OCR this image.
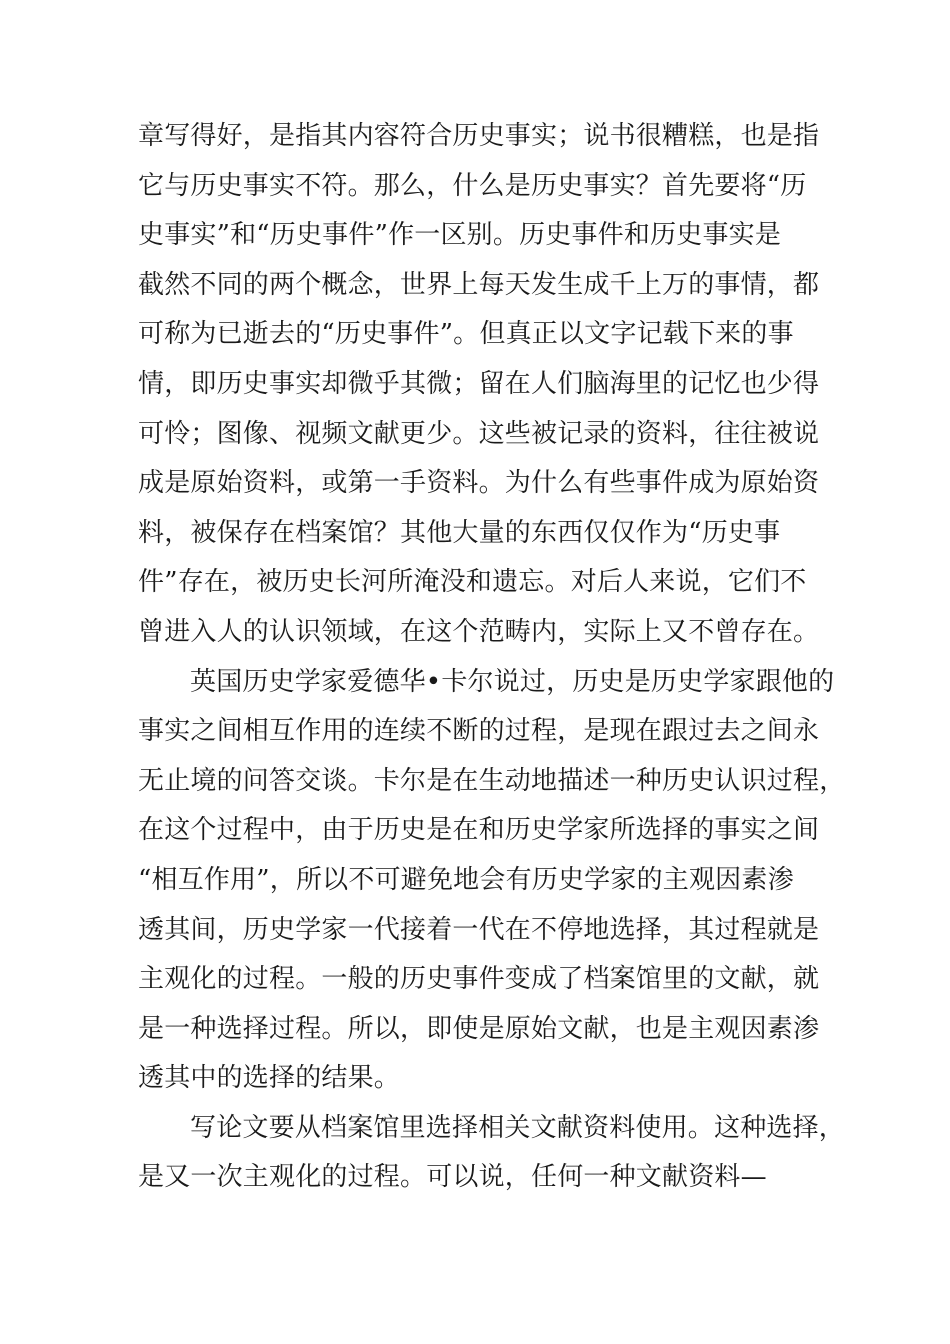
章写得好，是指其内容符合历史事实；说书很糟糕，也是指
它与历史事实不符。那么，什么是历史事实？首先要将“历
史事实”和“历史事件”作一区别。历史事件和历史事实是
截然不同的两个概念，世界上每天发生成千上万的事情，都
可称为已逝去的“历史事件”。但真正以文字记载下来的事
情，即历史事实却微乎其微；留在人们脑海里的记忆也少得
可怜；图像、视频文献更少。这些被记录的资料，往往被说
成是原始资料，或第一手资料。为什么有些事件成为原始资
料，被保存在档案馆？其他大量的东西仅仅作为“历史事
件”存在，被历史长河所淹没和遗忘。对后人来说，它们不
曾进入人的认识领域，在这个范畴内，实际上又不曾存在。
英国历史学家爱德华•卡尔说过，历史是历史学家跟他的
事实之间相互作用的连续不断的过程，是现在跟过去之间永
无止境的问答交谈。卡尔是在生动地描述一种历史认识过程，
在这个过程中，由于历史是在和历史学家所选择的事实之间
“相互作用”，所以不可避免地会有历史学家的主观因素渗
透其间，历史学家一代接着一代在不停地选择，其过程就是
主观化的过程。一般的历史事件变成了档案馆里的文献，就
是一种选择过程。所以，即使是原始文献，也是主观因素渗
透其中的选择的结果。
写论文要从档案馆里选择相关文献资料使用。这种选择，
是又一次主观化的过程。可以说，任何一种文献资料—
